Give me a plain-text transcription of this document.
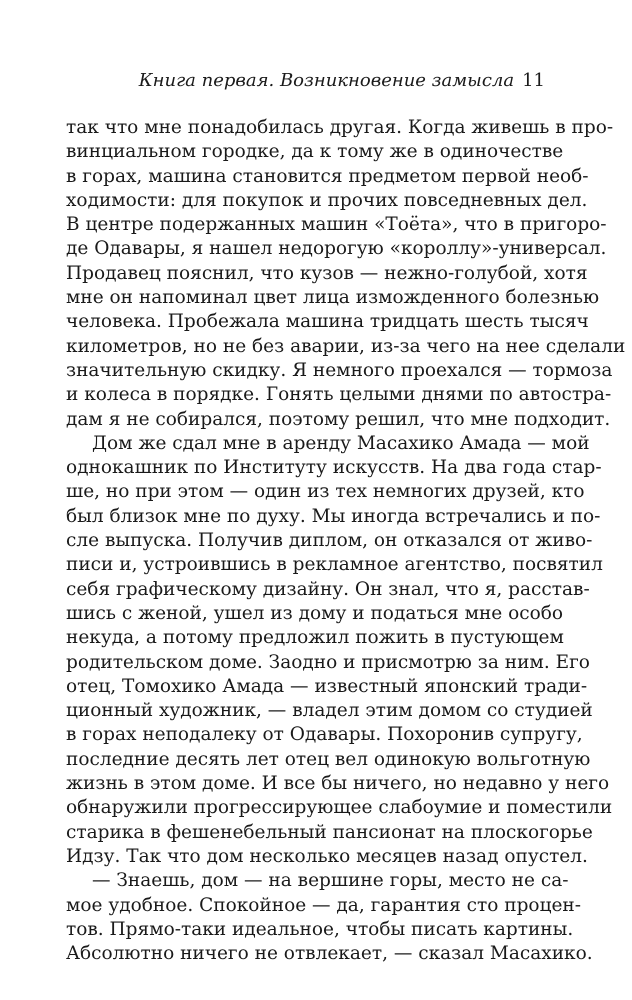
Книга первая. Возникновение замысла 11
так что мне понадобилась другая. Когда живешь в про-
винциальном городке, да к тому же в одиночестве
в горах, машина становится предметом первой необ-
ходимости: для покупок и прочих повседневных дел.
В центре подержанных машин «Тоёта», что в пригоро-
де Одавары, я нашел недорогую «короллу»-универсал.
Продавец пояснил, что кузов — нежно-голубой, хотя
мне он напоминал цвет лица изможденного болезнью
человека. Пробежала машина тридцать шесть тысяч
километров, но не без аварии, из-за чего на нее сделали
значительную скидку. Я немного проехался — тормоза
и колеса в порядке. Гонять целыми днями по автострa-
дам я не собирался, поэтому решил, что мне подходит.
Дом же сдал мне в аренду Масахико Амада — мой
однокашник по Институту искусств. На два года стар-
ше, но при этом — один из тех немногих друзей, кто
был близок мне по духу. Мы иногда встречались и по-
сле выпуска. Получив диплом, он отказался от живо-
писи и, устроившись в рекламное агентство, посвятил
себя графическому дизайну. Он знал, что я, расстав-
шись с женой, ушел из дому и податься мне особо
некуда, а потому предложил пожить в пустующем
родительском доме. Заодно и присмотрю за ним. Его
отец, Томохико Амада — известный японский тради-
ционный художник, — владел этим домом со студией
в горах неподалеку от Одавары. Похоронив супругу,
последние десять лет отец вел одинокую вольготную
жизнь в этом доме. И все бы ничего, но недавно у него
обнаружили прогрессирующее слабоумие и поместили
старика в фешенебельный пансионат на плоскогорье
Идзу. Так что дом несколько месяцев назад опустел.
— Знаешь, дом — на вершине горы, место не са-
мое удобное. Спокойное — да, гарантия сто процен-
тов. Прямо-таки идеальное, чтобы писать картины.
Абсолютно ничего не отвлекает, — сказал Масахико.
